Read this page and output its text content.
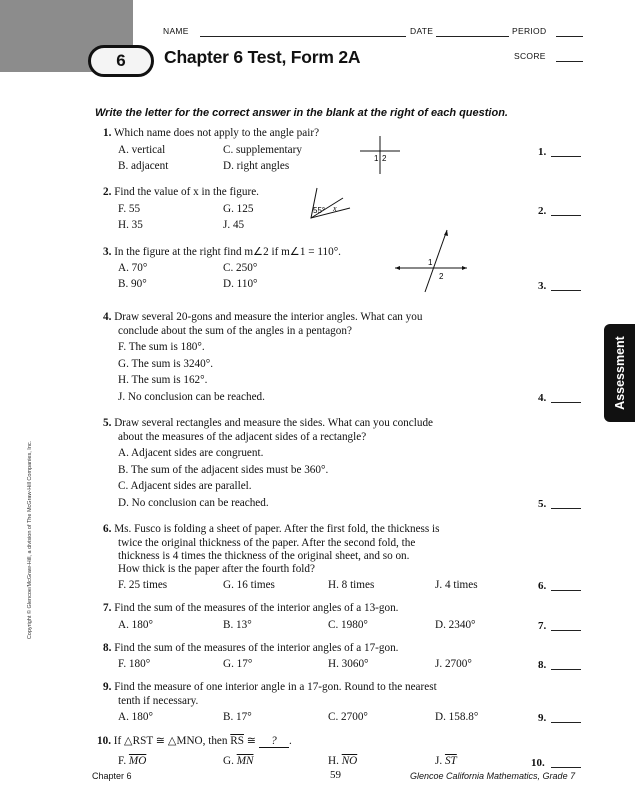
NAME	DATE	PERIOD
SCORE
6	Chapter 6 Test, Form 2A
Write the letter for the correct answer in the blank at the right of each question.
Assessment
Copyright © Glencoe/McGraw-Hill, a division of The McGraw-Hill Companies, Inc.
1. Which name does not apply to the angle pair?
A. vertical	C. supplementary
B. adjacent	D. right angles
1 2
1.
2. Find the value of x in the figure.
F. 55	G. 125
H. 35	J. 45
55° x	2.
3. In the figure at the right find m∠2 if m∠1 = 110°.
A. 70°	C. 250°
B. 90°	D. 110°
1
2
3.
4. Draw several 20-gons and measure the interior angles. What can you
conclude about the sum of the angles in a pentagon?
F. The sum is 180°.
G. The sum is 3240°.
H. The sum is 162°.
J. No conclusion can be reached.	4.
5. Draw several rectangles and measure the sides. What can you conclude
about the measures of the adjacent sides of a rectangle?
A. Adjacent sides are congruent.
B. The sum of the adjacent sides must be 360°.
C. Adjacent sides are parallel.
D. No conclusion can be reached.	5.
6. Ms. Fusco is folding a sheet of paper. After the first fold, the thickness is
twice the original thickness of the paper. After the second fold, the
thickness is 4 times the thickness of the original sheet, and so on.
How thick is the paper after the fourth fold?
F. 25 times	G. 16 times	H. 8 times	J. 4 times	6.
7. Find the sum of the measures of the interior angles of a 13-gon.
A. 180°	B. 13°	C. 1980°	D. 2340°	7.
8. Find the sum of the measures of the interior angles of a 17-gon.
F. 180°	G. 17°	H. 3060°	J. 2700°	8.
9. Find the measure of one interior angle in a 17-gon. Round to the nearest
tenth if necessary.
A. 180°	B. 17°	C. 2700°	D. 158.8°	9.
10. If △RST ≅ △MNO, then $\overline{RS}$ ≅ ? .
F. $\overline{MO}$	G. $\overline{MN}$	H. $\overline{NO}$	J. $\overline{ST}$	10.
Chapter 6	59	Glencoe California Mathematics, Grade 7
